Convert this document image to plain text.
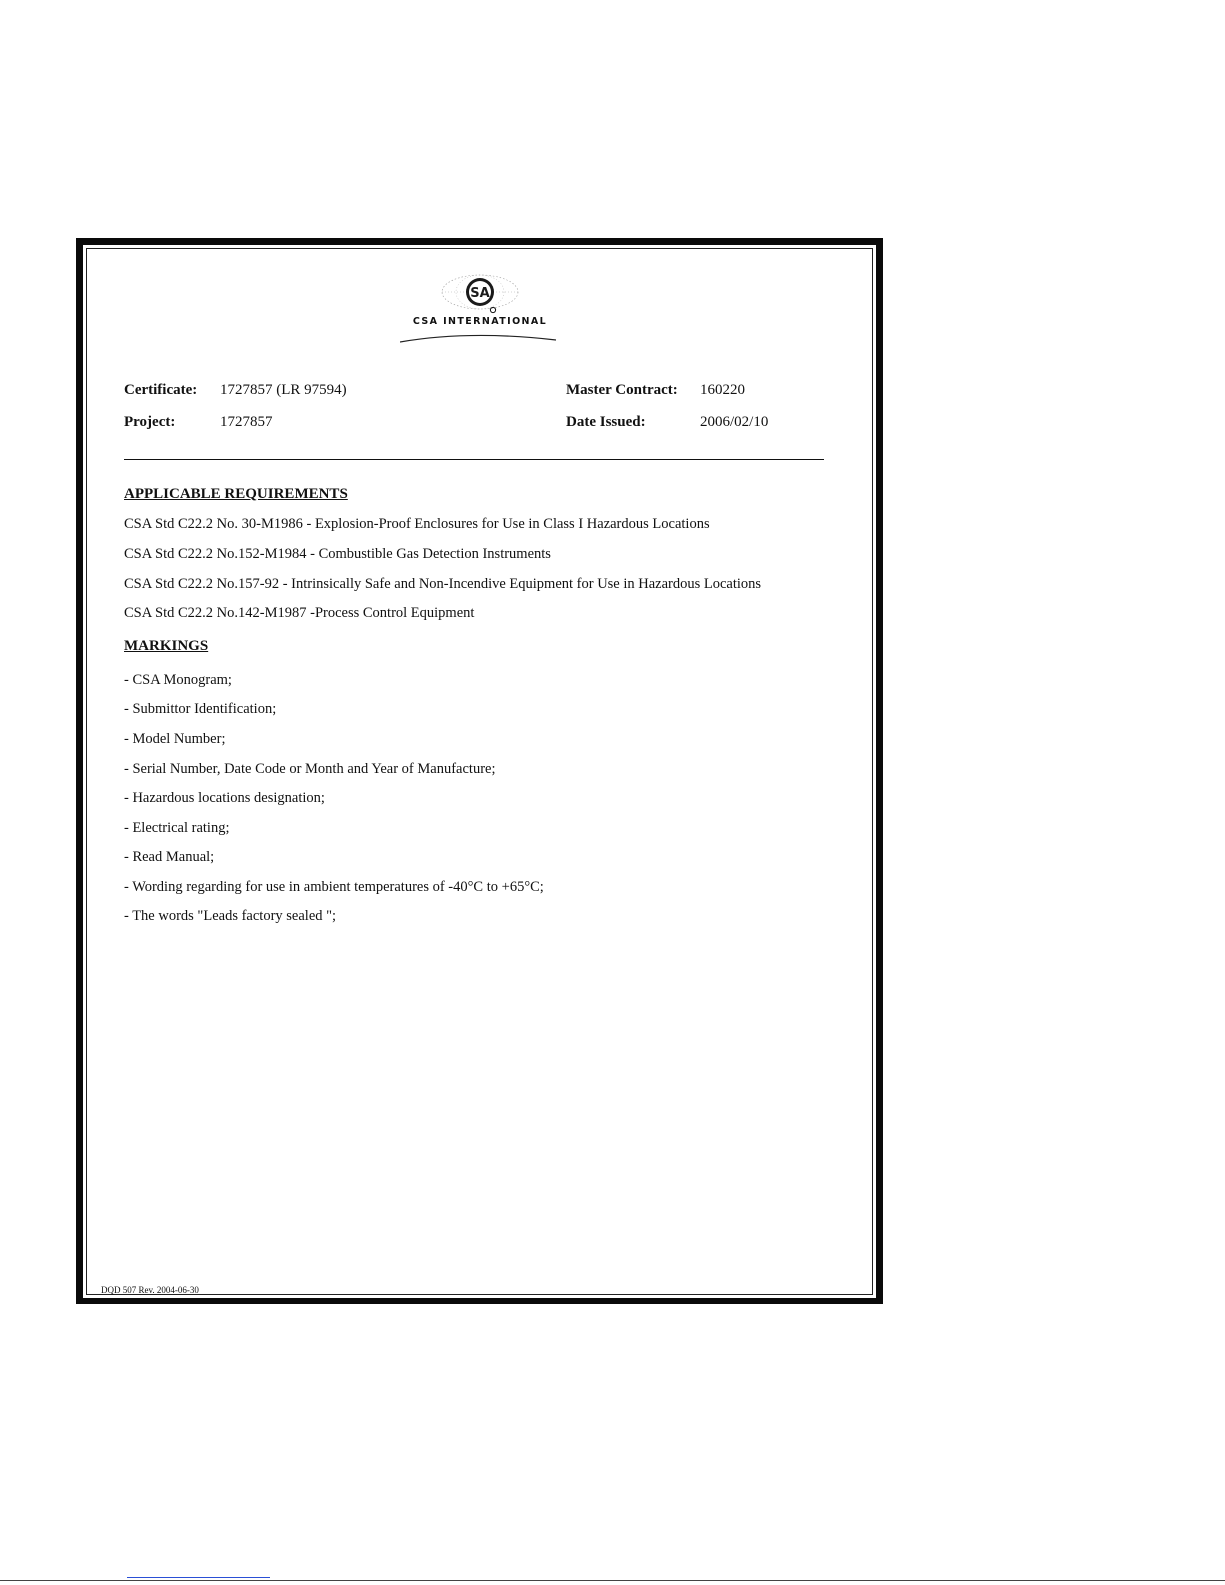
SA
CSA INTERNATIONAL
Certificate: 1727857 (LR 97594)
Project:	1727857
Master Contract: 160220
Date Issued:	2006/02/10
APPLICABLE REQUIREMENTS
CSA Std C22.2 No. 30-M1986 - Explosion-Proof Enclosures for Use in Class I Hazardous Locations
CSA Std C22.2 No.152-M1984 - Combustible Gas Detection Instruments
CSA Std C22.2 No.157-92 - Intrinsically Safe and Non-Incendive Equipment for Use in Hazardous Locations
CSA Std C22.2 No.142-M1987 -Process Control Equipment
MARKINGS
- CSA Monogram;
- Submittor Identification;
- Model Number;
- Serial Number, Date Code or Month and Year of Manufacture;
- Hazardous locations designation;
- Electrical rating;
- Read Manual;
- Wording regarding for use in ambient temperatures of -40°C to +65°C;
- The words "Leads factory sealed ";
DQD 507 Rev. 2004-06-30
